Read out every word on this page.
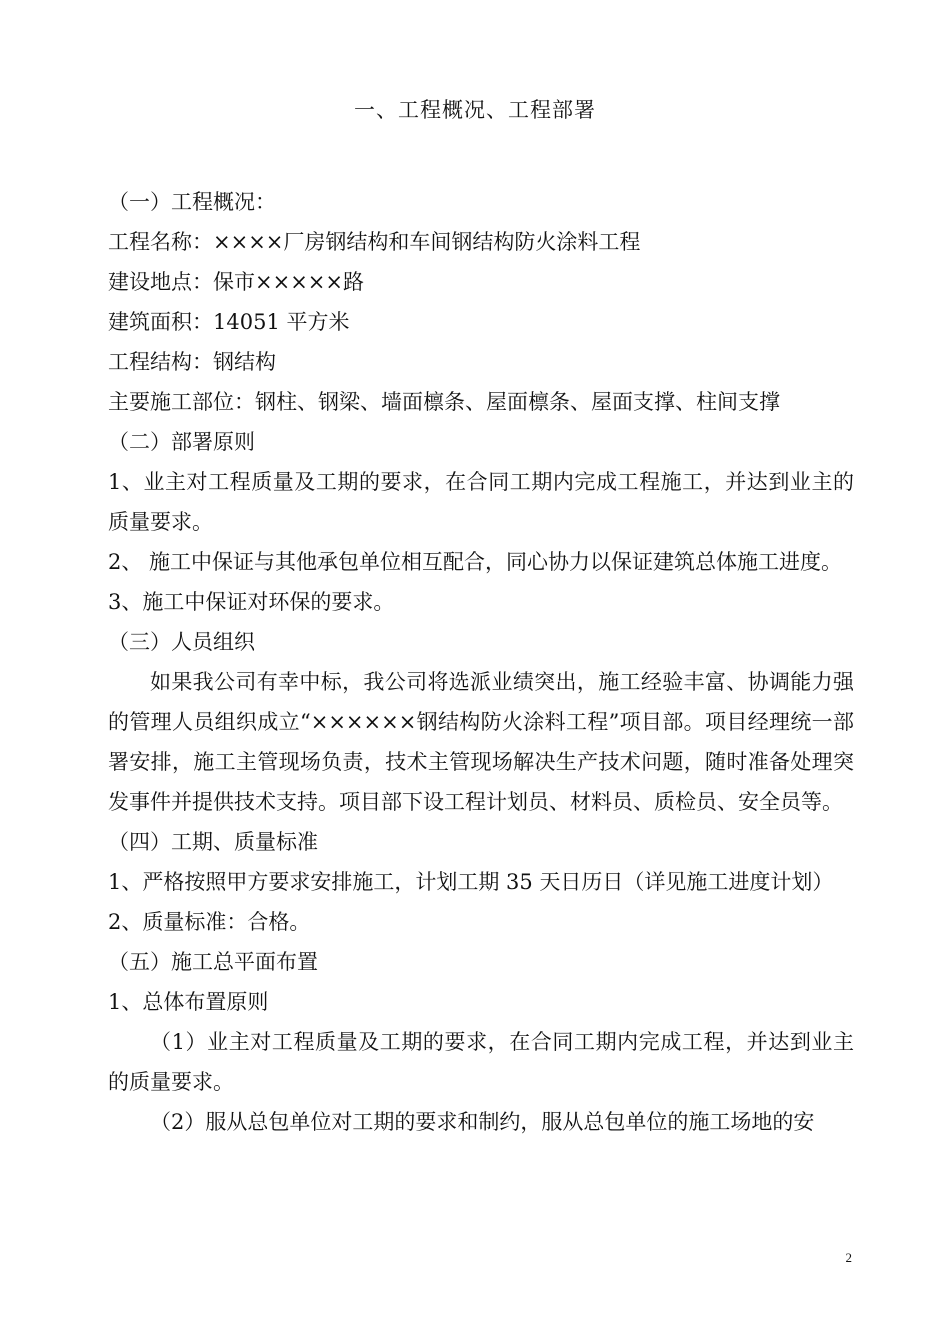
一、工程概况、工程部署

（一）工程概况：

工程名称：××××厂房钢结构和车间钢结构防火涂料工程

建设地点：保市×××××路

建筑面积：14051 平方米

工程结构：钢结构

主要施工部位：钢柱、钢梁、墙面檩条、屋面檩条、屋面支撑、柱间支撑

（二）部署原则

1、业主对工程质量及工期的要求，在合同工期内完成工程施工，并达到业主的质量要求。

2、 施工中保证与其他承包单位相互配合，同心协力以保证建筑总体施工进度。

3、施工中保证对环保的要求。

（三）人员组织

如果我公司有幸中标，我公司将选派业绩突出，施工经验丰富、协调能力强的管理人员组织成立“××××××钢结构防火涂料工程”项目部。项目经理统一部署安排，施工主管现场负责，技术主管现场解决生产技术问题，随时准备处理突发事件并提供技术支持。项目部下设工程计划员、材料员、质检员、安全员等。

（四）工期、质量标准

1、严格按照甲方要求安排施工，计划工期 35 天日历日（详见施工进度计划）

2、质量标准：合格。

（五）施工总平面布置

1、总体布置原则

（1）业主对工程质量及工期的要求，在合同工期内完成工程，并达到业主的质量要求。

（2）服从总包单位对工期的要求和制约，服从总包单位的施工场地的安

2
